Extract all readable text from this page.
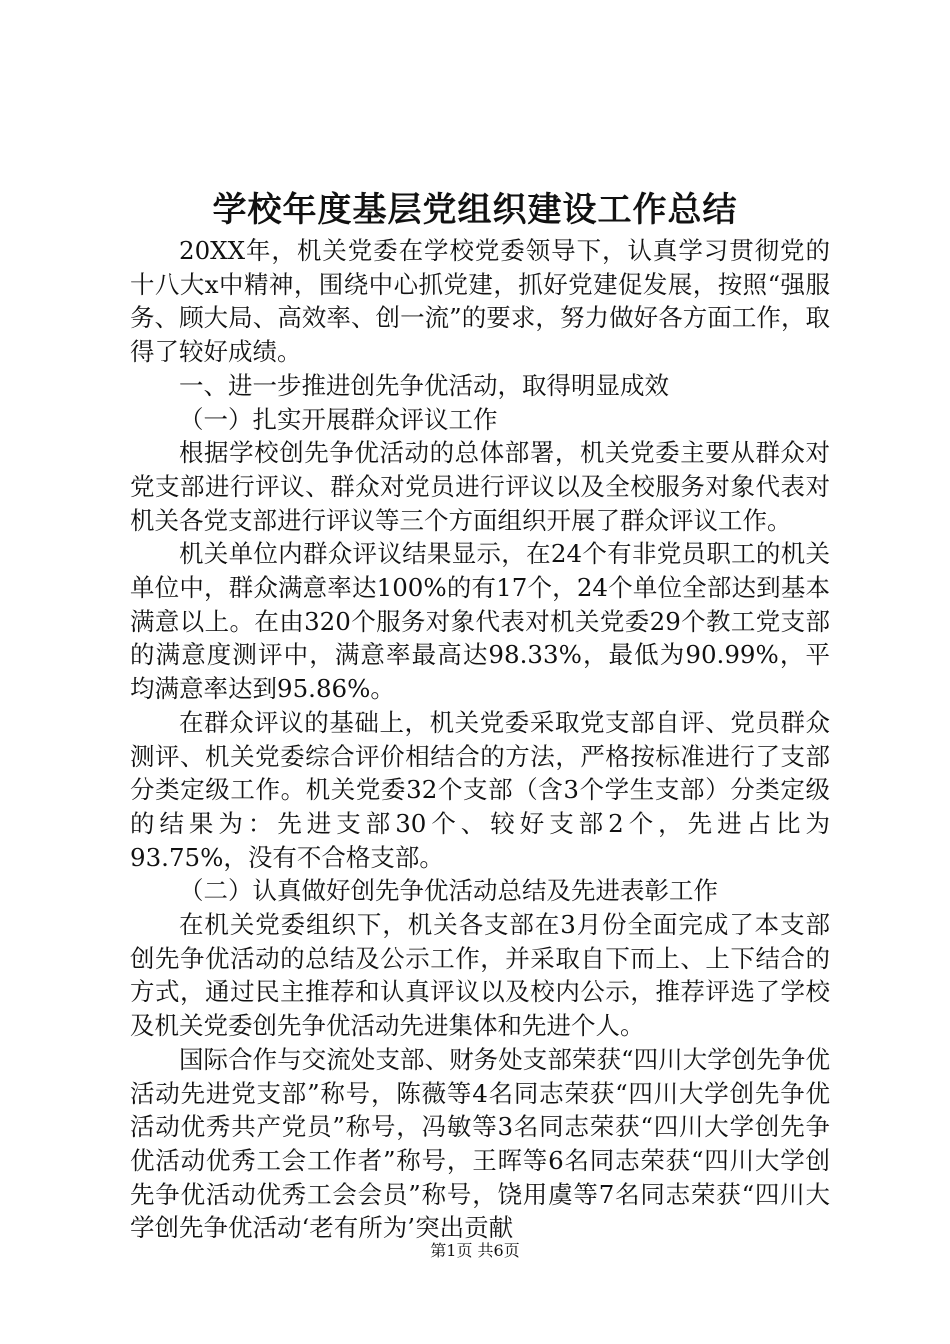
学校年度基层党组织建设工作总结

20XX年，机关党委在学校党委领导下，认真学习贯彻党的十八大x中精神，围绕中心抓党建，抓好党建促发展，按照“强服务、顾大局、高效率、创一流”的要求，努力做好各方面工作，取得了较好成绩。

一、进一步推进创先争优活动，取得明显成效

（一）扎实开展群众评议工作

根据学校创先争优活动的总体部署，机关党委主要从群众对党支部进行评议、群众对党员进行评议以及全校服务对象代表对机关各党支部进行评议等三个方面组织开展了群众评议工作。

机关单位内群众评议结果显示，在24个有非党员职工的机关单位中，群众满意率达100%的有17个，24个单位全部达到基本满意以上。在由320个服务对象代表对机关党委29个教工党支部的满意度测评中，满意率最高达98.33%，最低为90.99%，平均满意率达到95.86%。

在群众评议的基础上，机关党委采取党支部自评、党员群众测评、机关党委综合评价相结合的方法，严格按标准进行了支部分类定级工作。机关党委32个支部（含3个学生支部）分类定级的结果为：先进支部30个、较好支部2个，先进占比为93.75%，没有不合格支部。

（二）认真做好创先争优活动总结及先进表彰工作

在机关党委组织下，机关各支部在3月份全面完成了本支部创先争优活动的总结及公示工作，并采取自下而上、上下结合的方式，通过民主推荐和认真评议以及校内公示，推荐评选了学校及机关党委创先争优活动先进集体和先进个人。

国际合作与交流处支部、财务处支部荣获“四川大学创先争优活动先进党支部”称号，陈薇等4名同志荣获“四川大学创先争优活动优秀共产党员”称号，冯敏等3名同志荣获“四川大学创先争优活动优秀工会工作者”称号，王晖等6名同志荣获“四川大学创先争优活动优秀工会会员”称号，饶用虞等7名同志荣获“四川大学创先争优活动‘老有所为’突出贡献

第1页 共6页
